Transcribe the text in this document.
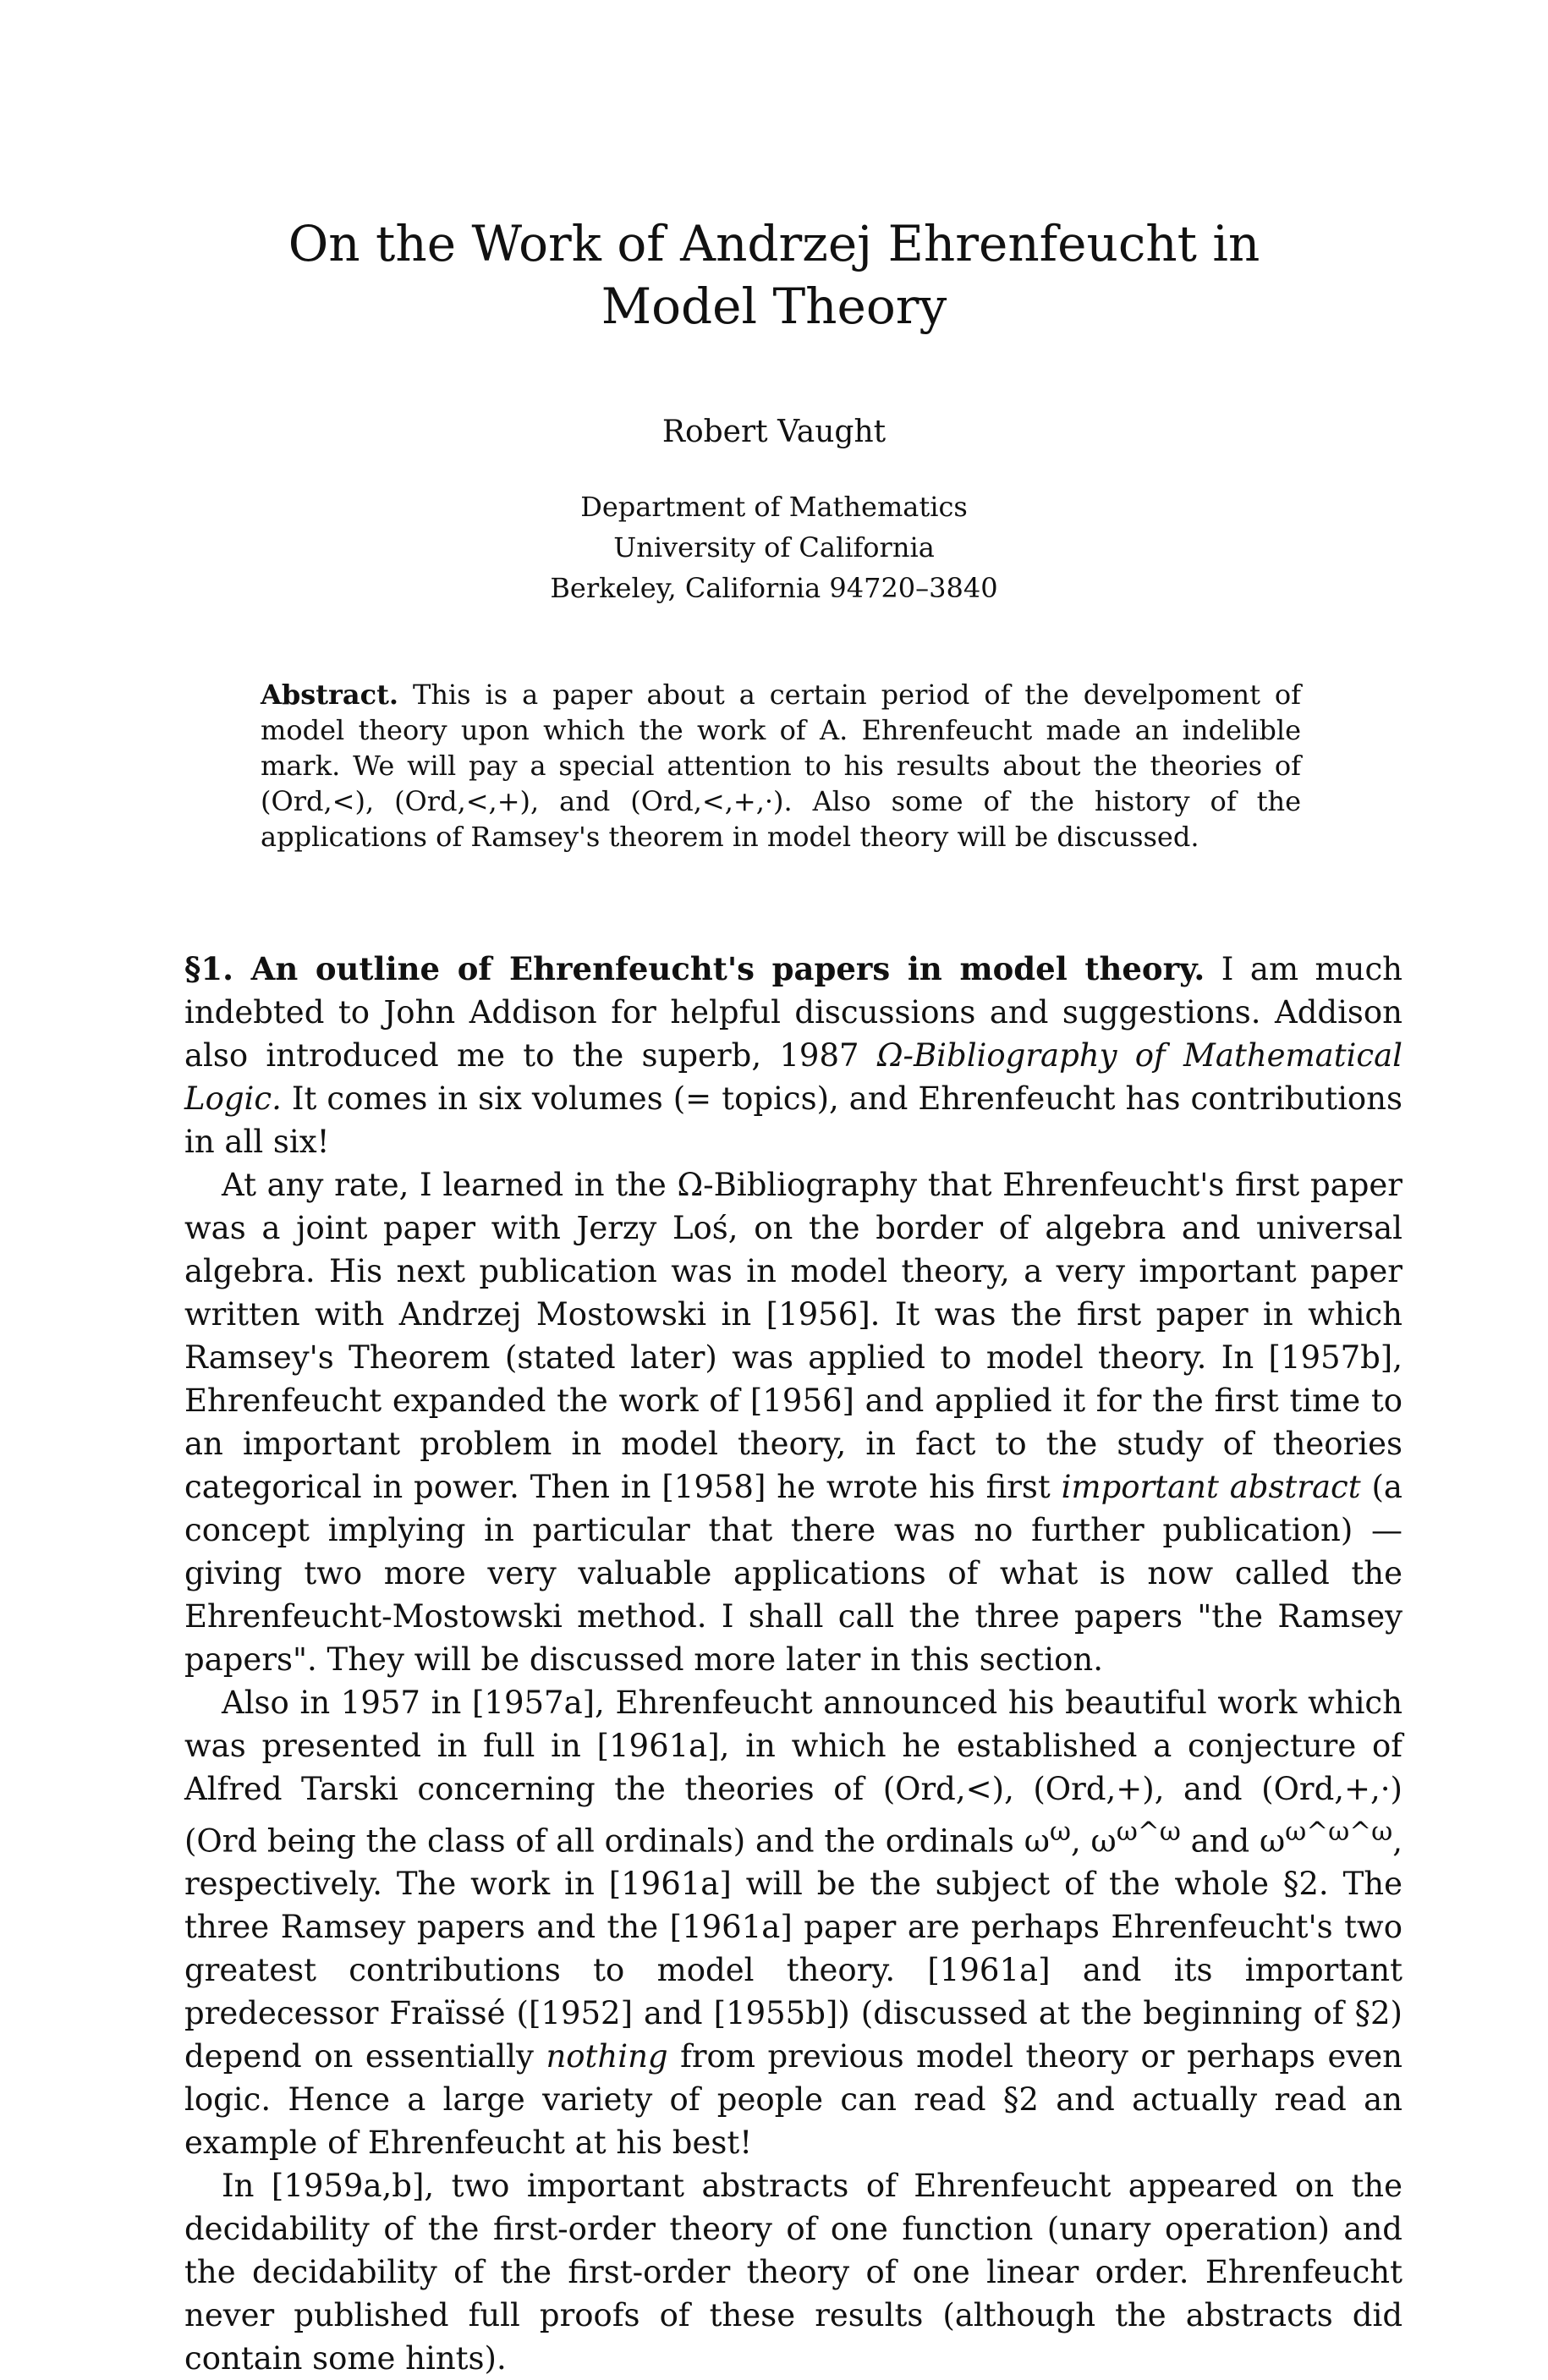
On the Work of Andrzej Ehrenfeucht in
Model Theory
Robert Vaught
Department of Mathematics
University of California
Berkeley, California 94720–3840

Abstract. This is a paper about a certain period of the develpoment of model theory upon which the work of A. Ehrenfeucht made an indelible mark. We will pay a special attention to his results about the theories of (Ord,<), (Ord,<,+), and (Ord,<,+,·). Also some of the history of the applications of Ramsey's theorem in model theory will be discussed.

§1. An outline of Ehrenfeucht's papers in model theory. I am much indebted to John Addison for helpful discussions and suggestions. Addison also introduced me to the superb, 1987 Ω-Bibliography of Mathematical Logic. It comes in six volumes (= topics), and Ehrenfeucht has contributions in all six!

At any rate, I learned in the Ω-Bibliography that Ehrenfeucht's first paper was a joint paper with Jerzy Loś, on the border of algebra and universal algebra. His next publication was in model theory, a very important paper written with Andrzej Mostowski in [1956]. It was the first paper in which Ramsey's Theorem (stated later) was applied to model theory. In [1957b], Ehrenfeucht expanded the work of [1956] and applied it for the first time to an important problem in model theory, in fact to the study of theories categorical in power. Then in [1958] he wrote his first important abstract (a concept implying in particular that there was no further publication) — giving two more very valuable applications of what is now called the Ehrenfeucht-Mostowski method. I shall call the three papers "the Ramsey papers". They will be discussed more later in this section.

Also in 1957 in [1957a], Ehrenfeucht announced his beautiful work which was presented in full in [1961a], in which he established a conjecture of Alfred Tarski concerning the theories of (Ord,<), (Ord,+), and (Ord,+,·) (Ord being the class of all ordinals) and the ordinals $\omega^\omega$, $\omega^{\omega\^{}\omega}$ and $\omega^{\omega\^{}\omega\^{}\omega}$, respectively. The work in [1961a] will be the subject of the whole §2. The three Ramsey papers and the [1961a] paper are perhaps Ehrenfeucht's two greatest contributions to model theory. [1961a] and its important predecessor Fraïssé ([1952] and [1955b]) (discussed at the beginning of §2) depend on essentially nothing from previous model theory or perhaps even logic. Hence a large variety of people can read §2 and actually read an example of Ehrenfeucht at his best!

In [1959a,b], two important abstracts of Ehrenfeucht appeared on the decidability of the first-order theory of one function (unary operation) and the decidability of the first-order theory of one linear order. Ehrenfeucht never published full proofs of these results (although the abstracts did contain some hints).
